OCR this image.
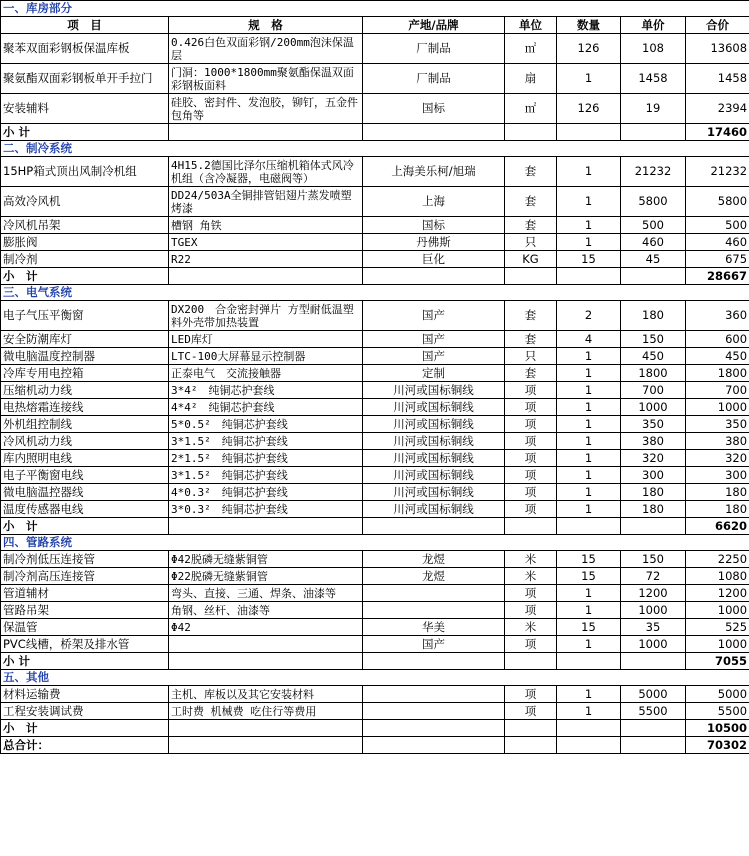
一、库房部分						
项　目	规　格	产地/品牌	单位	数量	单价	合价
聚苯双面彩钢板保温库板	0.426白色双面彩钢/200mm泡沫保温层	厂制品	㎡	126	108	13608
聚氨酯双面彩钢板单开手拉门	门洞：1000*1800mm聚氨酯保温双面彩钢板面料	厂制品	扇	1	1458	1458
安装辅料	硅胶、密封件、发泡胶，铆钉，五金件包角等	国标	㎡	126	19	2394
小 计						17460
二、制冷系统						
15HP箱式顶出风制冷机组	4H15.2德国比泽尔压缩机箱体式风冷机组（含冷凝器，电磁阀等）	上海美乐柯/旭瑞	套	1	21232	21232
高效冷风机	DD24/503A全铜排管铝翅片蒸发喷塑烤漆	上海	套	1	5800	5800
冷风机吊架	槽钢 角铁	国标	套	1	500	500
膨胀阀	TGEX	丹佛斯	只	1	460	460
制冷剂	R22	巨化	KG	15	45	675
小　计						28667
三、电气系统						
电子气压平衡窗	DX200　合金密封弹片 方型耐低温塑料外壳带加热装置	国产	套	2	180	360
安全防潮库灯	LED库灯	国产	套	4	150	600
微电脑温度控制器	LTC-100大屏幕显示控制器	国产	只	1	450	450
冷库专用电控箱	正泰电气　交流接触器	定制	套	1	1800	1800
压缩机动力线	3*4²　纯铜芯护套线	川河或国标铜线	项	1	700	700
电热熔霜连接线	4*4²　纯铜芯护套线	川河或国标铜线	项	1	1000	1000
外机组控制线	5*0.5²　纯铜芯护套线	川河或国标铜线	项	1	350	350
冷风机动力线	3*1.5²　纯铜芯护套线	川河或国标铜线	项	1	380	380
库内照明电线	2*1.5²　纯铜芯护套线	川河或国标铜线	项	1	320	320
电子平衡窗电线	3*1.5²　纯铜芯护套线	川河或国标铜线	项	1	300	300
微电脑温控器线	4*0.3²　纯铜芯护套线	川河或国标铜线	项	1	180	180
温度传感器电线	3*0.3²　纯铜芯护套线	川河或国标铜线	项	1	180	180
小　计						6620
四、管路系统						
制冷剂低压连接管	Φ42脱磷无缝紫铜管	龙煜	米	15	150	2250
制冷剂高压连接管	Φ22脱磷无缝紫铜管	龙煜	米	15	72	1080
管道辅材	弯头、直接、三通、焊条、油漆等		项	1	1200	1200
管路吊架	角钢、丝杆、油漆等		项	1	1000	1000
保温管	Φ42	华美	米	15	35	525
PVC线槽，桥架及排水管		国产	项	1	1000	1000
小 计						7055
五、其他						
材料运输费	主机、库板以及其它安装材料		项	1	5000	5000
工程安装调试费	工时费 机械费 吃住行等费用		项	1	5500	5500
小　计						10500
总合计：						70302
